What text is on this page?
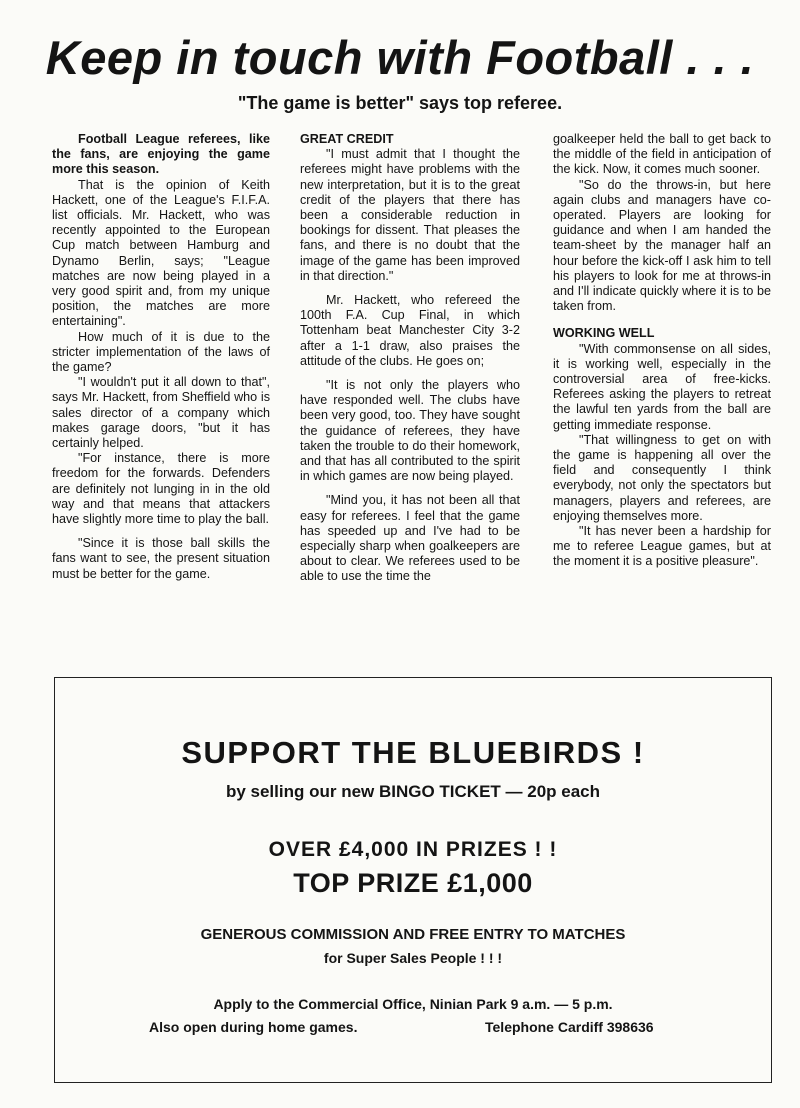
Keep in touch with Football . . .
"The game is better" says top referee.

Football League referees, like the fans, are enjoying the game more this season.

That is the opinion of Keith Hackett, one of the League's F.I.F.A. list officials. Mr. Hackett, who was recently appointed to the European Cup match between Hamburg and Dynamo Berlin, says; "League matches are now being played in a very good spirit and, from my unique position, the matches are more entertaining".

How much of it is due to the stricter implementation of the laws of the game?

"I wouldn't put it all down to that", says Mr. Hackett, from Sheffield who is sales director of a company which makes garage doors, "but it has certainly helped.

"For instance, there is more freedom for the forwards. Defenders are definitely not lunging in in the old way and that means that attackers have slightly more time to play the ball.

"Since it is those ball skills the fans want to see, the present situation must be better for the game.

GREAT CREDIT

"I must admit that I thought the referees might have problems with the new interpretation, but it is to the great credit of the players that there has been a considerable reduction in bookings for dissent. That pleases the fans, and there is no doubt that the image of the game has been improved in that direction."

Mr. Hackett, who refereed the 100th F.A. Cup Final, in which Tottenham beat Manchester City 3-2 after a 1-1 draw, also praises the attitude of the clubs. He goes on;

"It is not only the players who have responded well. The clubs have been very good, too. They have sought the guidance of referees, they have taken the trouble to do their homework, and that has all contributed to the spirit in which games are now being played.

"Mind you, it has not been all that easy for referees. I feel that the game has speeded up and I've had to be especially sharp when goalkeepers are about to clear. We referees used to be able to use the time the

goalkeeper held the ball to get back to the middle of the field in anticipation of the kick. Now, it comes much sooner.

"So do the throws-in, but here again clubs and managers have co-operated. Players are looking for guidance and when I am handed the team-sheet by the manager half an hour before the kick-off I ask him to tell his players to look for me at throws-in and I'll indicate quickly where it is to be taken from.

WORKING WELL

"With commonsense on all sides, it is working well, especially in the controversial area of free-kicks. Referees asking the players to retreat the lawful ten yards from the ball are getting immediate response.

"That willingness to get on with the game is happening all over the field and consequently I think everybody, not only the spectators but managers, players and referees, are enjoying themselves more.

"It has never been a hardship for me to referee League games, but at the moment it is a positive pleasure".

SUPPORT THE BLUEBIRDS !
by selling our new BINGO TICKET — 20p each
OVER £4,000 IN PRIZES ! !
TOP PRIZE £1,000
GENEROUS COMMISSION AND FREE ENTRY TO MATCHES
for Super Sales People ! ! !
Apply to the Commercial Office, Ninian Park 9 a.m. — 5 p.m.
Also open during home games.	Telephone Cardiff 398636
